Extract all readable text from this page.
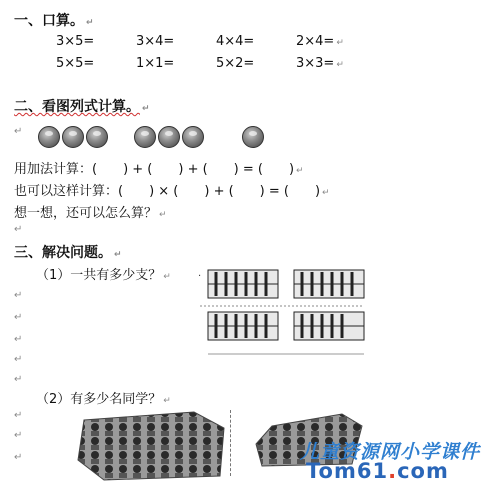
一、口算。 ↵
3×5=	3×4=	4×4=	2×4= ↵
5×5=	1×1=	5×2=	3×3= ↵
二、看图列式计算。 ↵
↵
用加法计算：(　　) + (　　) + (　　) = (　　) ↵
也可以这样计算：(　　) × (　　) + (　　) = (　　) ↵
想一想，还可以怎么算？ ↵
↵
三、解决问题。 ↵
（1）一共有多少支？ ↵	.
↵
↵
↵
↵
↵
（2）有多少名同学？ ↵
↵
↵
↵	儿童资源网小学课件
Tom61.com
